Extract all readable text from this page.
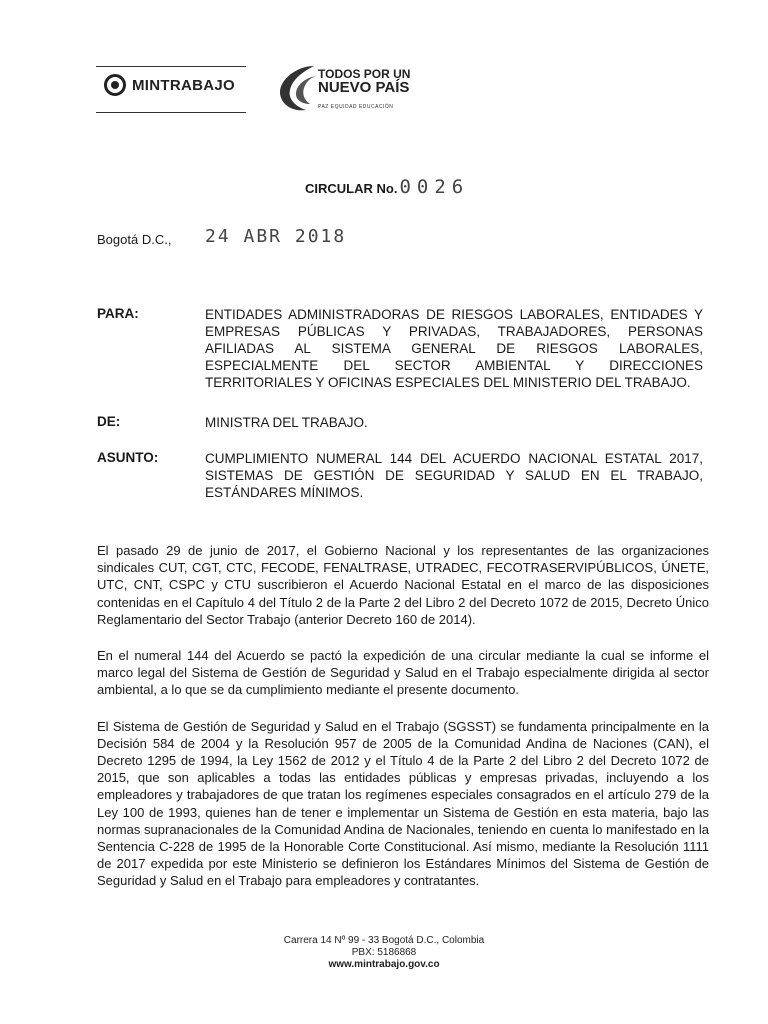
MINTRABAJO
TODOS POR UN
NUEVO PAÍS
PAZ EQUIDAD EDUCACIÓN
CIRCULAR No. 0026
Bogotá D.C., 24 ABR 2018
PARA:	ENTIDADES ADMINISTRADORAS DE RIESGOS LABORALES, ENTIDADES Y EMPRESAS PÚBLICAS Y PRIVADAS, TRABAJADORES, PERSONAS AFILIADAS AL SISTEMA GENERAL DE RIESGOS LABORALES, ESPECIALMENTE DEL SECTOR AMBIENTAL Y DIRECCIONES TERRITORIALES Y OFICINAS ESPECIALES DEL MINISTERIO DEL TRABAJO.
DE:	MINISTRA DEL TRABAJO.
ASUNTO:	CUMPLIMIENTO NUMERAL 144 DEL ACUERDO NACIONAL ESTATAL 2017, SISTEMAS DE GESTIÓN DE SEGURIDAD Y SALUD EN EL TRABAJO, ESTÁNDARES MÍNIMOS.

El pasado 29 de junio de 2017, el Gobierno Nacional y los representantes de las organizaciones sindicales CUT, CGT, CTC, FECODE, FENALTRASE, UTRADEC, FECOTRASERVIPÚBLICOS, ÚNETE, UTC, CNT, CSPC y CTU suscribieron el Acuerdo Nacional Estatal en el marco de las disposiciones contenidas en el Capítulo 4 del Título 2 de la Parte 2 del Libro 2 del Decreto 1072 de 2015, Decreto Único Reglamentario del Sector Trabajo (anterior Decreto 160 de 2014).

En el numeral 144 del Acuerdo se pactó la expedición de una circular mediante la cual se informe el marco legal del Sistema de Gestión de Seguridad y Salud en el Trabajo especialmente dirigida al sector ambiental, a lo que se da cumplimiento mediante el presente documento.

El Sistema de Gestión de Seguridad y Salud en el Trabajo (SGSST) se fundamenta principalmente en la Decisión 584 de 2004 y la Resolución 957 de 2005 de la Comunidad Andina de Naciones (CAN), el Decreto 1295 de 1994, la Ley 1562 de 2012 y el Título 4 de la Parte 2 del Libro 2 del Decreto 1072 de 2015, que son aplicables a todas las entidades públicas y empresas privadas, incluyendo a los empleadores y trabajadores de que tratan los regímenes especiales consagrados en el artículo 279 de la Ley 100 de 1993, quienes han de tener e implementar un Sistema de Gestión en esta materia, bajo las normas supranacionales de la Comunidad Andina de Nacionales, teniendo en cuenta lo manifestado en la Sentencia C-228 de 1995 de la Honorable Corte Constitucional. Así mismo, mediante la Resolución 1111 de 2017 expedida por este Ministerio se definieron los Estándares Mínimos del Sistema de Gestión de Seguridad y Salud en el Trabajo para empleadores y contratantes.

Carrera 14 Nº 99 - 33 Bogotá D.C., Colombia
PBX: 5186868
www.mintrabajo.gov.co
